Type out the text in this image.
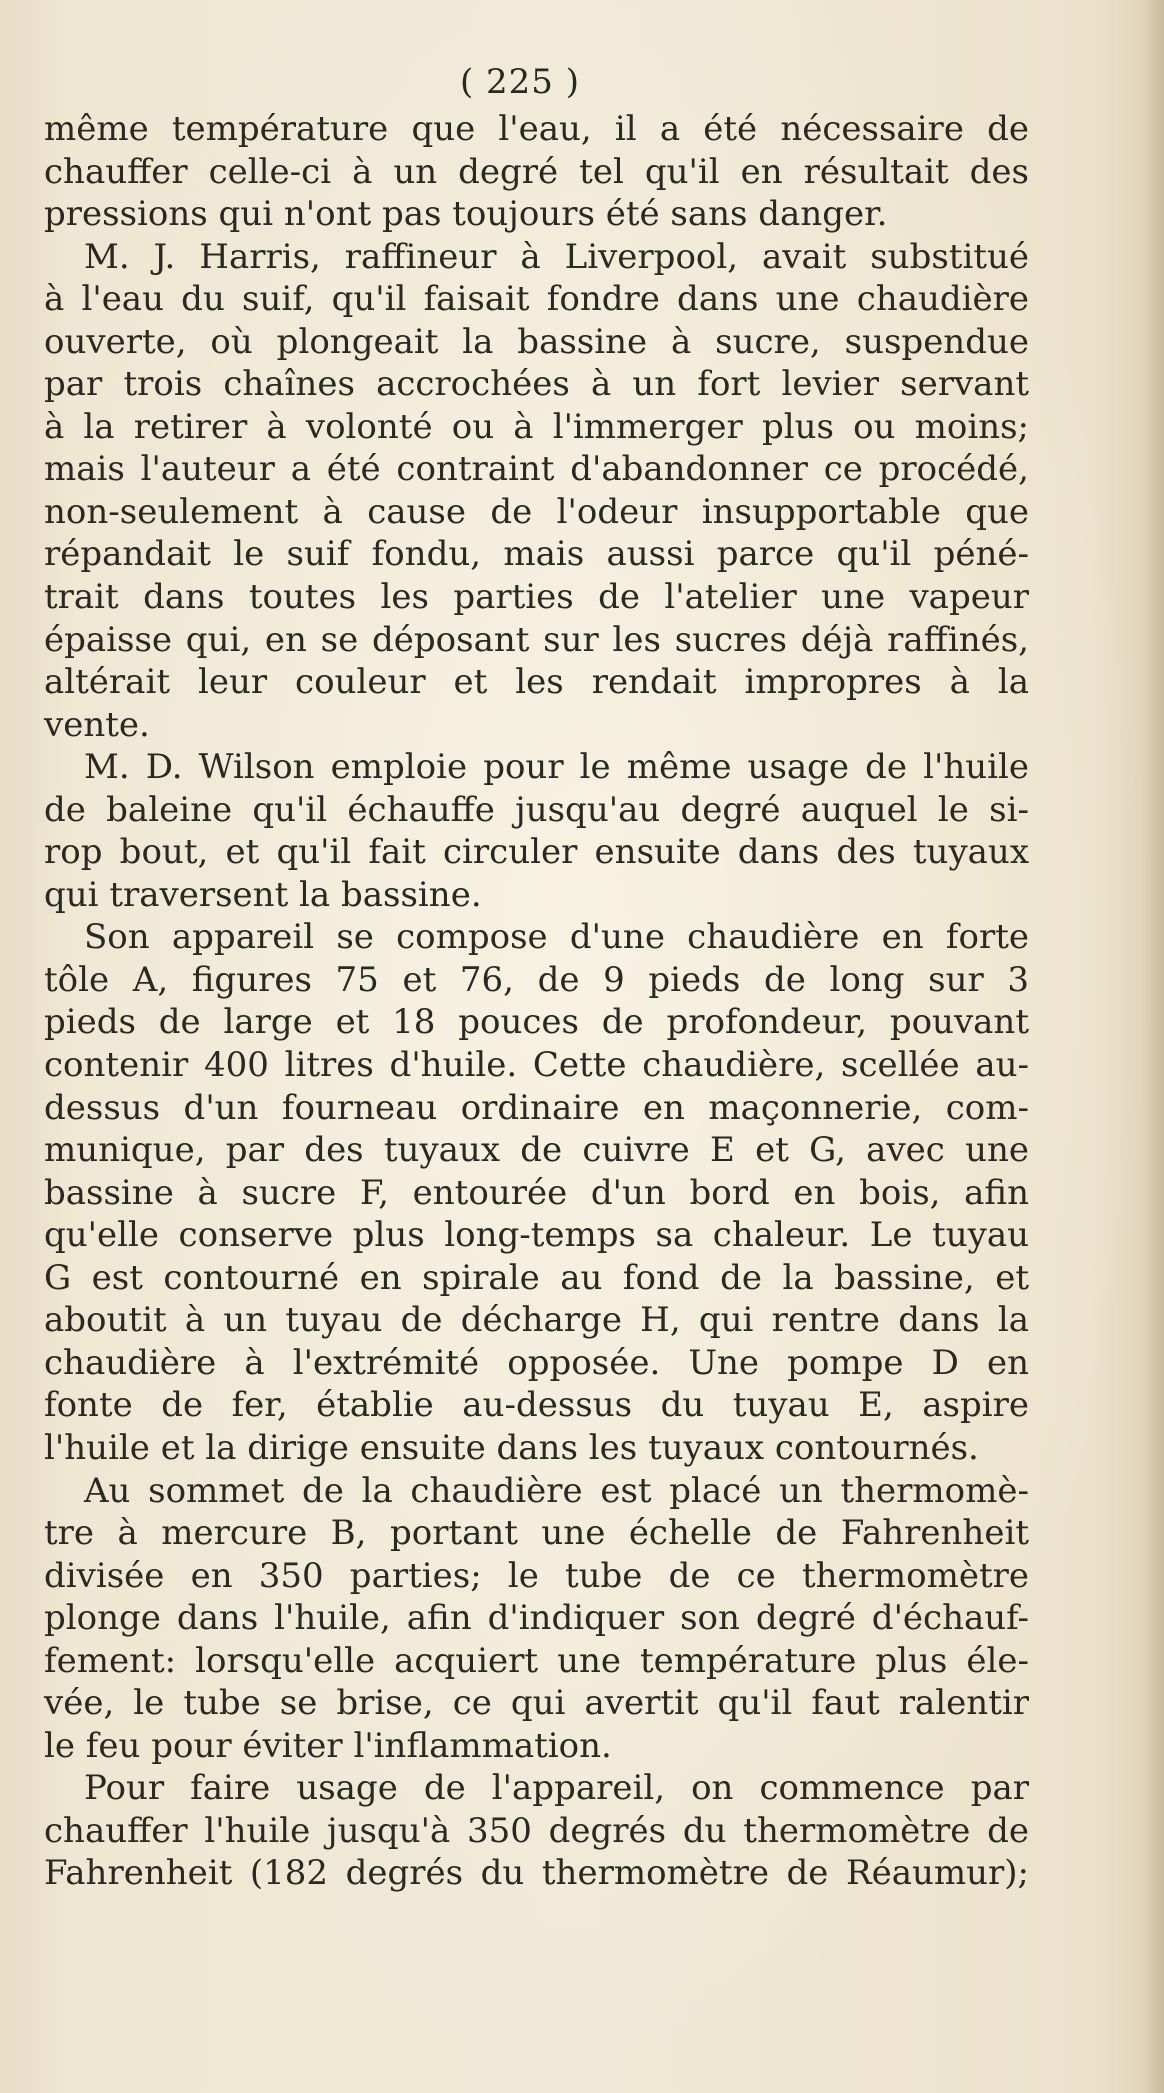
( 225 )
même température que l'eau, il a été nécessaire de
chauffer celle-ci à un degré tel qu'il en résultait des
pressions qui n'ont pas toujours été sans danger.
M. J. Harris, raffineur à Liverpool, avait substitué
à l'eau du suif, qu'il faisait fondre dans une chaudière
ouverte, où plongeait la bassine à sucre, suspendue
par trois chaînes accrochées à un fort levier servant
à la retirer à volonté ou à l'immerger plus ou moins;
mais l'auteur a été contraint d'abandonner ce procédé,
non-seulement à cause de l'odeur insupportable que
répandait le suif fondu, mais aussi parce qu'il péné-
trait dans toutes les parties de l'atelier une vapeur
épaisse qui, en se déposant sur les sucres déjà raffinés,
altérait leur couleur et les rendait impropres à la
vente.
M. D. Wilson emploie pour le même usage de l'huile
de baleine qu'il échauffe jusqu'au degré auquel le si-
rop bout, et qu'il fait circuler ensuite dans des tuyaux
qui traversent la bassine.
Son appareil se compose d'une chaudière en forte
tôle A, figures 75 et 76, de 9 pieds de long sur 3
pieds de large et 18 pouces de profondeur, pouvant
contenir 400 litres d'huile. Cette chaudière, scellée au-
dessus d'un fourneau ordinaire en maçonnerie, com-
munique, par des tuyaux de cuivre E et G, avec une
bassine à sucre F, entourée d'un bord en bois, afin
qu'elle conserve plus long-temps sa chaleur. Le tuyau
G est contourné en spirale au fond de la bassine, et
aboutit à un tuyau de décharge H, qui rentre dans la
chaudière à l'extrémité opposée. Une pompe D en
fonte de fer, établie au-dessus du tuyau E, aspire
l'huile et la dirige ensuite dans les tuyaux contournés.
Au sommet de la chaudière est placé un thermomè-
tre à mercure B, portant une échelle de Fahrenheit
divisée en 350 parties; le tube de ce thermomètre
plonge dans l'huile, afin d'indiquer son degré d'échauf-
fement: lorsqu'elle acquiert une température plus éle-
vée, le tube se brise, ce qui avertit qu'il faut ralentir
le feu pour éviter l'inflammation.
Pour faire usage de l'appareil, on commence par
chauffer l'huile jusqu'à 350 degrés du thermomètre de
Fahrenheit (182 degrés du thermomètre de Réaumur);
